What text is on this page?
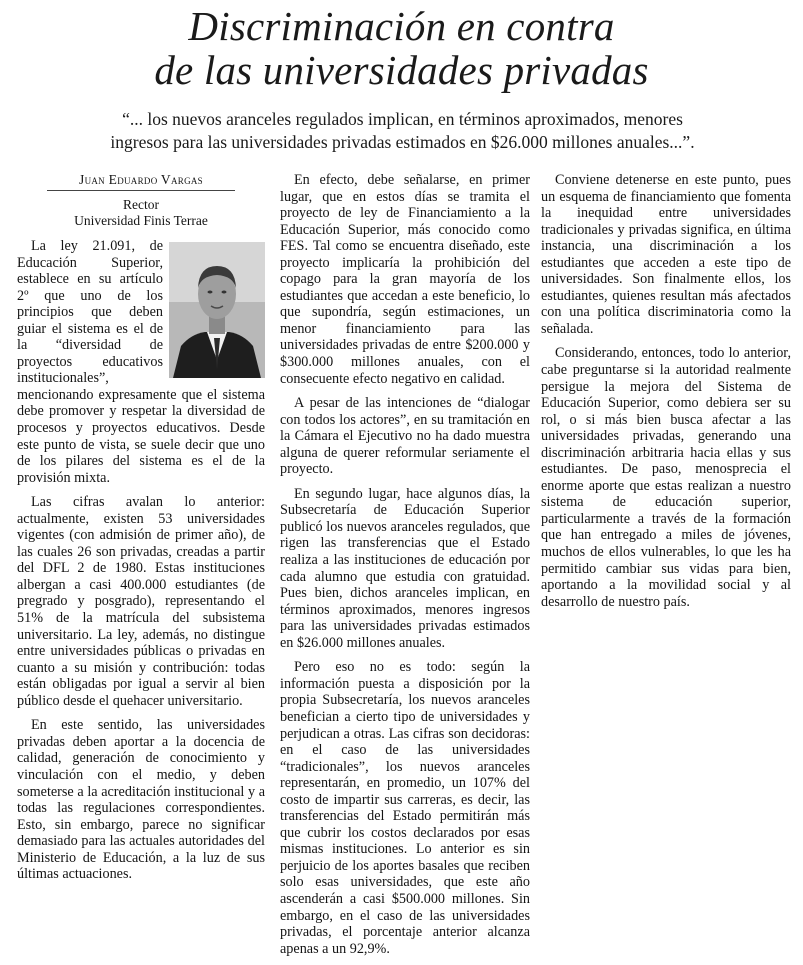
Discriminación en contra
de las universidades privadas
“... los nuevos aranceles regulados implican, en términos aproximados, menores
ingresos para las universidades privadas estimados en $26.000 millones anuales...”.
Juan Eduardo Vargas
Rector
Universidad Finis Terrae

La ley 21.091, de Educación Superior, establece en su artículo 2º que uno de los principios que deben guiar el sistema es el de la “diversidad de proyectos educativos institucionales”, mencionando expresamente que el sistema debe promover y respetar la diversidad de procesos y proyectos educativos. Desde este punto de vista, se suele decir que uno de los pilares del sistema es el de la provisión mixta.

Las cifras avalan lo anterior: actualmente, existen 53 universidades vigentes (con admisión de primer año), de las cuales 26 son privadas, creadas a partir del DFL 2 de 1980. Estas instituciones albergan a casi 400.000 estudiantes (de pregrado y posgrado), representando el 51% de la matrícula del subsistema universitario. La ley, además, no distingue entre universidades públicas o privadas en cuanto a su misión y contribución: todas están obligadas por igual a servir al bien público desde el quehacer universitario.

En este sentido, las universidades privadas deben aportar a la docencia de calidad, generación de conocimiento y vinculación con el medio, y deben someterse a la acreditación institucional y a todas las regulaciones correspondientes. Esto, sin embargo, parece no significar demasiado para las actuales autoridades del Ministerio de Educación, a la luz de sus últimas actuaciones.

En efecto, debe señalarse, en primer lugar, que en estos días se tramita el proyecto de ley de Financiamiento a la Educación Superior, más conocido como FES. Tal como se encuentra diseñado, este proyecto implicaría la prohibición del copago para la gran mayoría de los estudiantes que accedan a este beneficio, lo que supondría, según estimaciones, un menor financiamiento para las universidades privadas de entre $200.000 y $300.000 millones anuales, con el consecuente efecto negativo en calidad.

A pesar de las intenciones de “dialogar con todos los actores”, en su tramitación en la Cámara el Ejecutivo no ha dado muestra alguna de querer reformular seriamente el proyecto.

En segundo lugar, hace algunos días, la Subsecretaría de Educación Superior publicó los nuevos aranceles regulados, que rigen las transferencias que el Estado realiza a las instituciones de educación por cada alumno que estudia con gratuidad. Pues bien, dichos aranceles implican, en términos aproximados, menores ingresos para las universidades privadas estimados en $26.000 millones anuales.

Pero eso no es todo: según la información puesta a disposición por la propia Subsecretaría, los nuevos aranceles benefician a cierto tipo de universidades y perjudican a otras. Las cifras son decidoras: en el caso de las universidades “tradicionales”, los nuevos aranceles representarán, en promedio, un 107% del costo de impartir sus carreras, es decir, las transferencias del Estado permitirán más que cubrir los costos declarados por esas mismas instituciones. Lo anterior es sin perjuicio de los aportes basales que reciben solo esas universidades, que este año ascenderán a casi $500.000 millones. Sin embargo, en el caso de las universidades privadas, el porcentaje anterior alcanza apenas a un 92,9%.

Conviene detenerse en este punto, pues un esquema de financiamiento que fomenta la inequidad entre universidades tradicionales y privadas significa, en última instancia, una discriminación a los estudiantes que acceden a este tipo de universidades. Son finalmente ellos, los estudiantes, quienes resultan más afectados con una política discriminatoria como la señalada.

Considerando, entonces, todo lo anterior, cabe preguntarse si la autoridad realmente persigue la mejora del Sistema de Educación Superior, como debiera ser su rol, o si más bien busca afectar a las universidades privadas, generando una discriminación arbitraria hacia ellas y sus estudiantes. De paso, menosprecia el enorme aporte que estas realizan a nuestro sistema de educación superior, particularmente a través de la formación que han entregado a miles de jóvenes, muchos de ellos vulnerables, lo que les ha permitido cambiar sus vidas para bien, aportando a la movilidad social y al desarrollo de nuestro país.
